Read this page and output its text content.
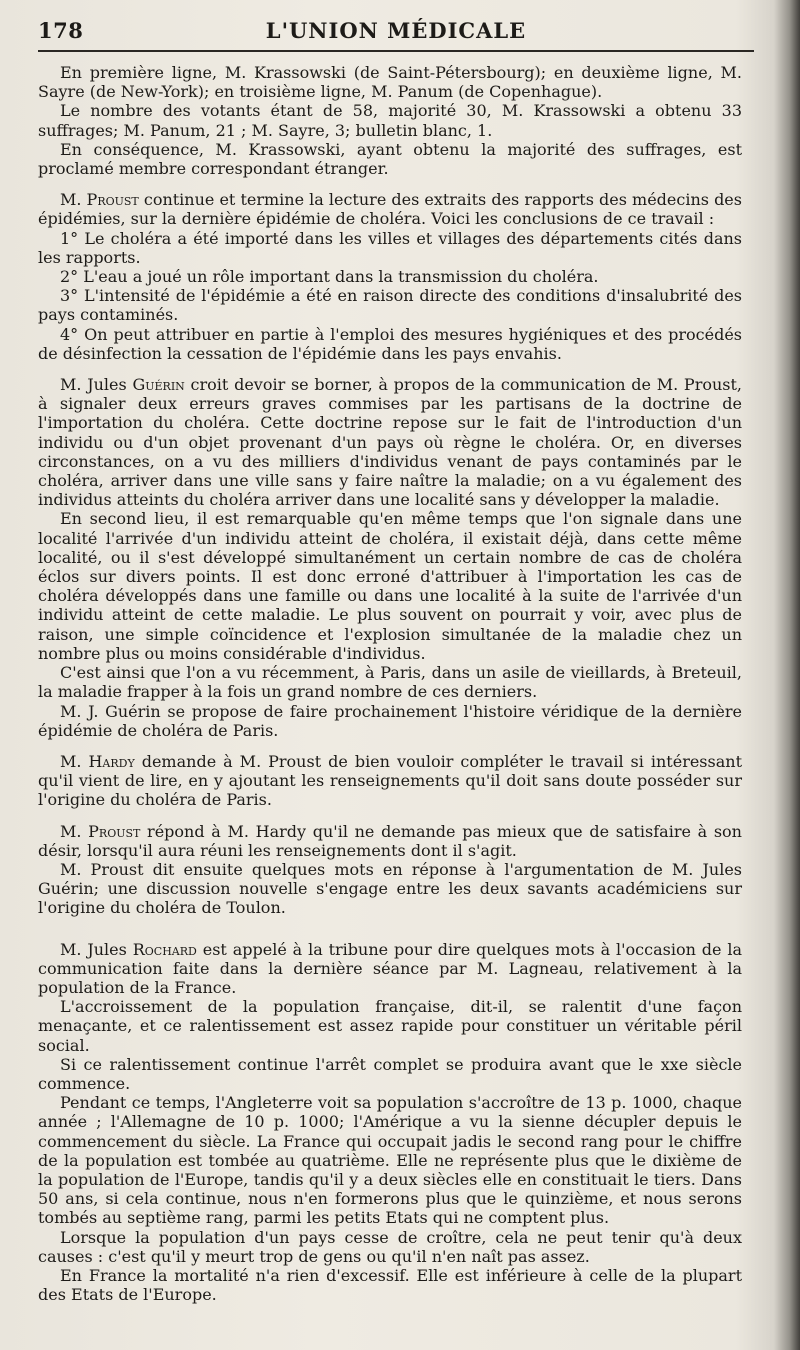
L'UNION MÉDICALE
178

En première ligne, M. Krassowski (de Saint-Pétersbourg); en deuxième ligne, M. Sayre (de New-York); en troisième ligne, M. Panum (de Copenhague).

Le nombre des votants étant de 58, majorité 30, M. Krassowski a obtenu 33 suffrages; M. Panum, 21 ; M. Sayre, 3; bulletin blanc, 1.

En conséquence, M. Krassowski, ayant obtenu la majorité des suffrages, est proclamé membre correspondant étranger.

M. Proust continue et termine la lecture des extraits des rapports des médecins des épidémies, sur la dernière épidémie de choléra. Voici les conclusions de ce travail :

1° Le choléra a été importé dans les villes et villages des départements cités dans les rapports.

2° L'eau a joué un rôle important dans la transmission du choléra.

3° L'intensité de l'épidémie a été en raison directe des conditions d'insalubrité des pays contaminés.

4° On peut attribuer en partie à l'emploi des mesures hygiéniques et des procédés de désinfection la cessation de l'épidémie dans les pays envahis.

M. Jules Guérin croit devoir se borner, à propos de la communication de M. Proust, à signaler deux erreurs graves commises par les partisans de la doctrine de l'importation du choléra. Cette doctrine repose sur le fait de l'introduction d'un individu ou d'un objet provenant d'un pays où règne le choléra. Or, en diverses circonstances, on a vu des milliers d'individus venant de pays contaminés par le choléra, arriver dans une ville sans y faire naître la maladie; on a vu également des individus atteints du choléra arriver dans une localité sans y développer la maladie.

En second lieu, il est remarquable qu'en même temps que l'on signale dans une localité l'arrivée d'un individu atteint de choléra, il existait déjà, dans cette même localité, ou il s'est développé simultanément un certain nombre de cas de choléra éclos sur divers points. Il est donc erroné d'attribuer à l'importation les cas de choléra développés dans une famille ou dans une localité à la suite de l'arrivée d'un individu atteint de cette maladie. Le plus souvent on pourrait y voir, avec plus de raison, une simple coïncidence et l'explosion simultanée de la maladie chez un nombre plus ou moins considérable d'individus.

C'est ainsi que l'on a vu récemment, à Paris, dans un asile de vieillards, à Breteuil, la maladie frapper à la fois un grand nombre de ces derniers.

M. J. Guérin se propose de faire prochainement l'histoire véridique de la dernière épidémie de choléra de Paris.

M. Hardy demande à M. Proust de bien vouloir compléter le travail si intéressant qu'il vient de lire, en y ajoutant les renseignements qu'il doit sans doute posséder sur l'origine du choléra de Paris.

M. Proust répond à M. Hardy qu'il ne demande pas mieux que de satisfaire à son désir, lorsqu'il aura réuni les renseignements dont il s'agit.

M. Proust dit ensuite quelques mots en réponse à l'argumentation de M. Jules Guérin; une discussion nouvelle s'engage entre les deux savants académiciens sur l'origine du choléra de Toulon.

M. Jules Rochard est appelé à la tribune pour dire quelques mots à l'occasion de la communication faite dans la dernière séance par M. Lagneau, relativement à la population de la France.

L'accroissement de la population française, dit-il, se ralentit d'une façon menaçante, et ce ralentissement est assez rapide pour constituer un véritable péril social.

Si ce ralentissement continue l'arrêt complet se produira avant que le xxe siècle commence.

Pendant ce temps, l'Angleterre voit sa population s'accroître de 13 p. 1000, chaque année ; l'Allemagne de 10 p. 1000; l'Amérique a vu la sienne décupler depuis le commencement du siècle. La France qui occupait jadis le second rang pour le chiffre de la population est tombée au quatrième. Elle ne représente plus que le dixième de la population de l'Europe, tandis qu'il y a deux siècles elle en constituait le tiers. Dans 50 ans, si cela continue, nous n'en formerons plus que le quinzième, et nous serons tombés au septième rang, parmi les petits Etats qui ne comptent plus.

Lorsque la population d'un pays cesse de croître, cela ne peut tenir qu'à deux causes : c'est qu'il y meurt trop de gens ou qu'il n'en naît pas assez.

En France la mortalité n'a rien d'excessif. Elle est inférieure à celle de la plupart des Etats de l'Europe.
